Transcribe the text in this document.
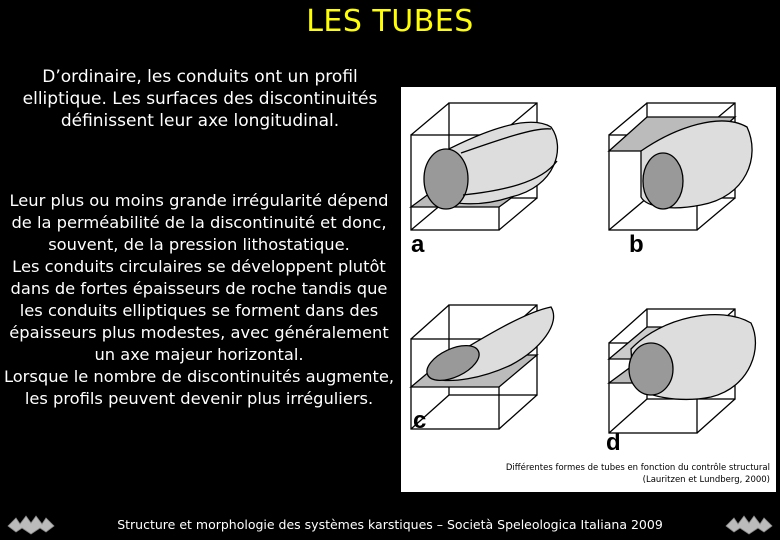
LES TUBES
D’ordinaire, les conduits ont un profil elliptique. Les surfaces des discontinuités définissent leur axe longitudinal.
Leur plus ou moins grande irrégularité dépend de la perméabilité de la discontinuité et donc, souvent, de la pression lithostatique.
Les conduits circulaires se développent plutôt dans de fortes épaisseurs de roche tandis que les conduits elliptiques se forment dans des épaisseurs plus modestes, avec généralement un axe majeur horizontal.
Lorsque le nombre de discontinuités augmente, les profils peuvent devenir plus irréguliers.
a	b
c
d
Différentes formes de tubes en fonction du contrôle structural
(Lauritzen et Lundberg, 2000)
Structure et morphologie des systèmes karstiques – Società Speleologica Italiana 2009
